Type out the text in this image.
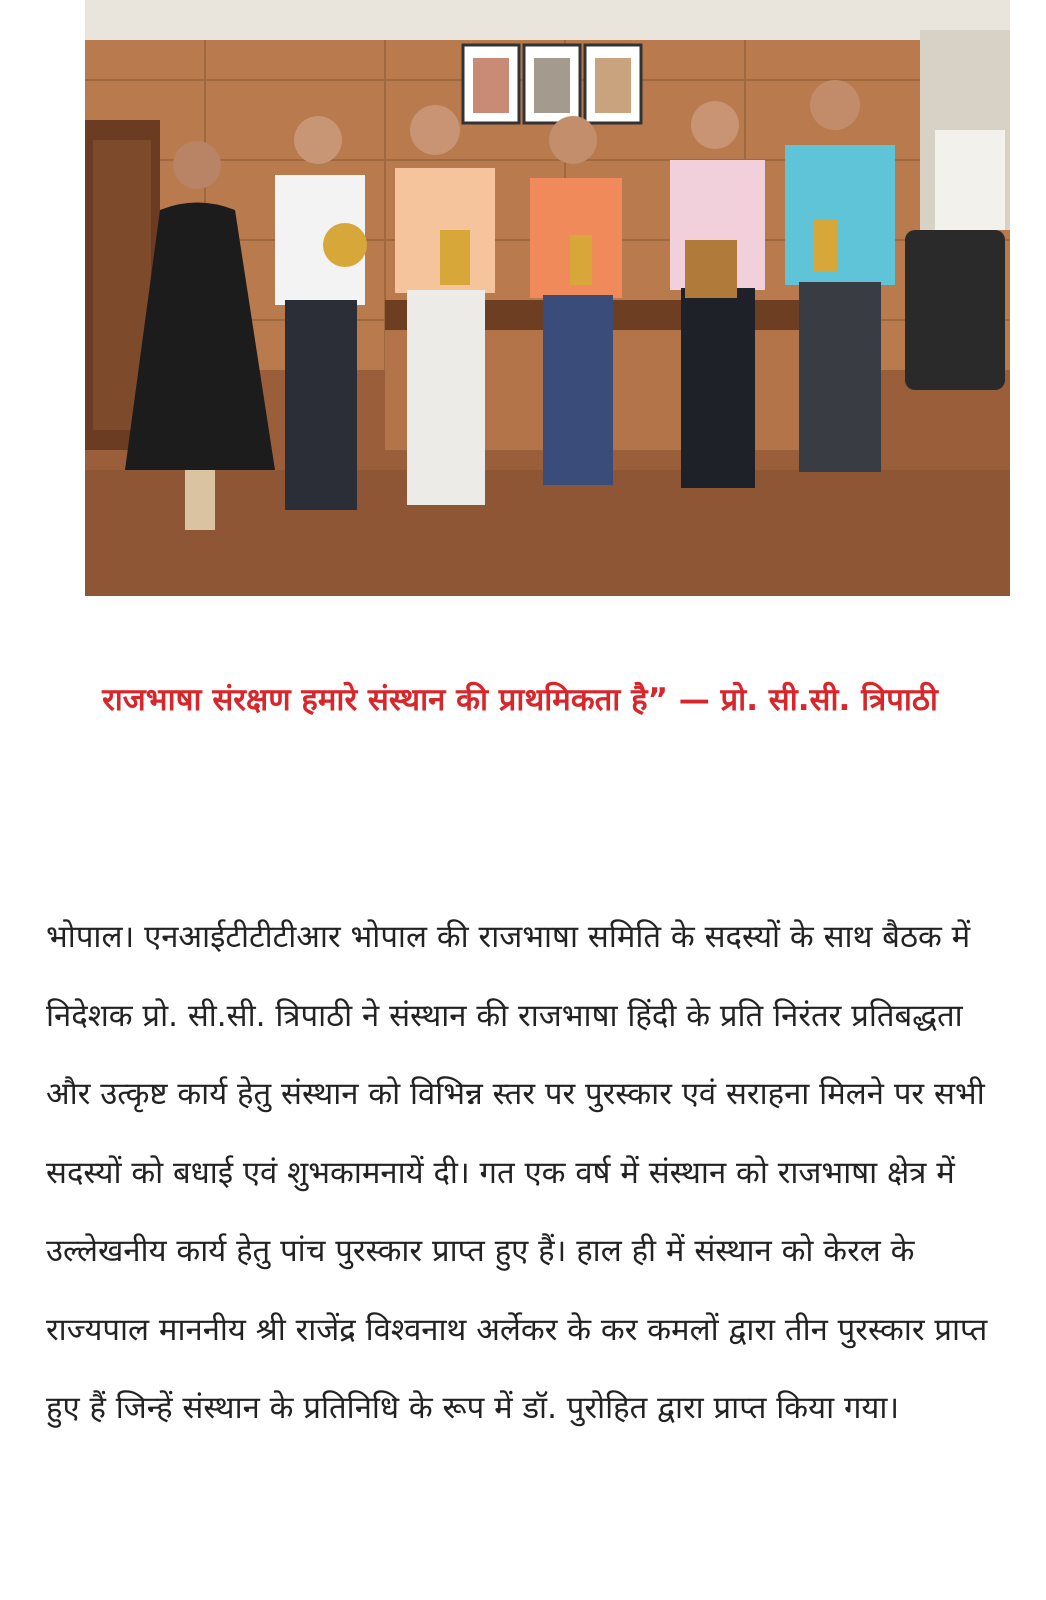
राजभाषा संरक्षण हमारे संस्थान की प्राथमिकता है” — प्रो. सी.सी. त्रिपाठी

भोपाल। एनआईटीटीटीआर भोपाल की राजभाषा समिति के सदस्यों के साथ बैठक में निदेशक प्रो. सी.सी. त्रिपाठी ने संस्थान की राजभाषा हिंदी के प्रति निरंतर प्रतिबद्धता और उत्कृष्ट कार्य हेतु संस्थान को विभिन्न स्तर पर पुरस्कार एवं सराहना मिलने पर सभी सदस्यों को बधाई एवं शुभकामनायें दी। गत एक वर्ष में संस्थान को राजभाषा क्षेत्र में उल्लेखनीय कार्य हेतु पांच पुरस्कार प्राप्त हुए हैं। हाल ही में संस्थान को केरल के राज्यपाल माननीय श्री राजेंद्र विश्वनाथ अर्लेकर के कर कमलों द्वारा तीन पुरस्कार प्राप्त हुए हैं जिन्हें संस्थान के प्रतिनिधि के रूप में डॉ. पुरोहित द्वारा प्राप्त किया गया।
